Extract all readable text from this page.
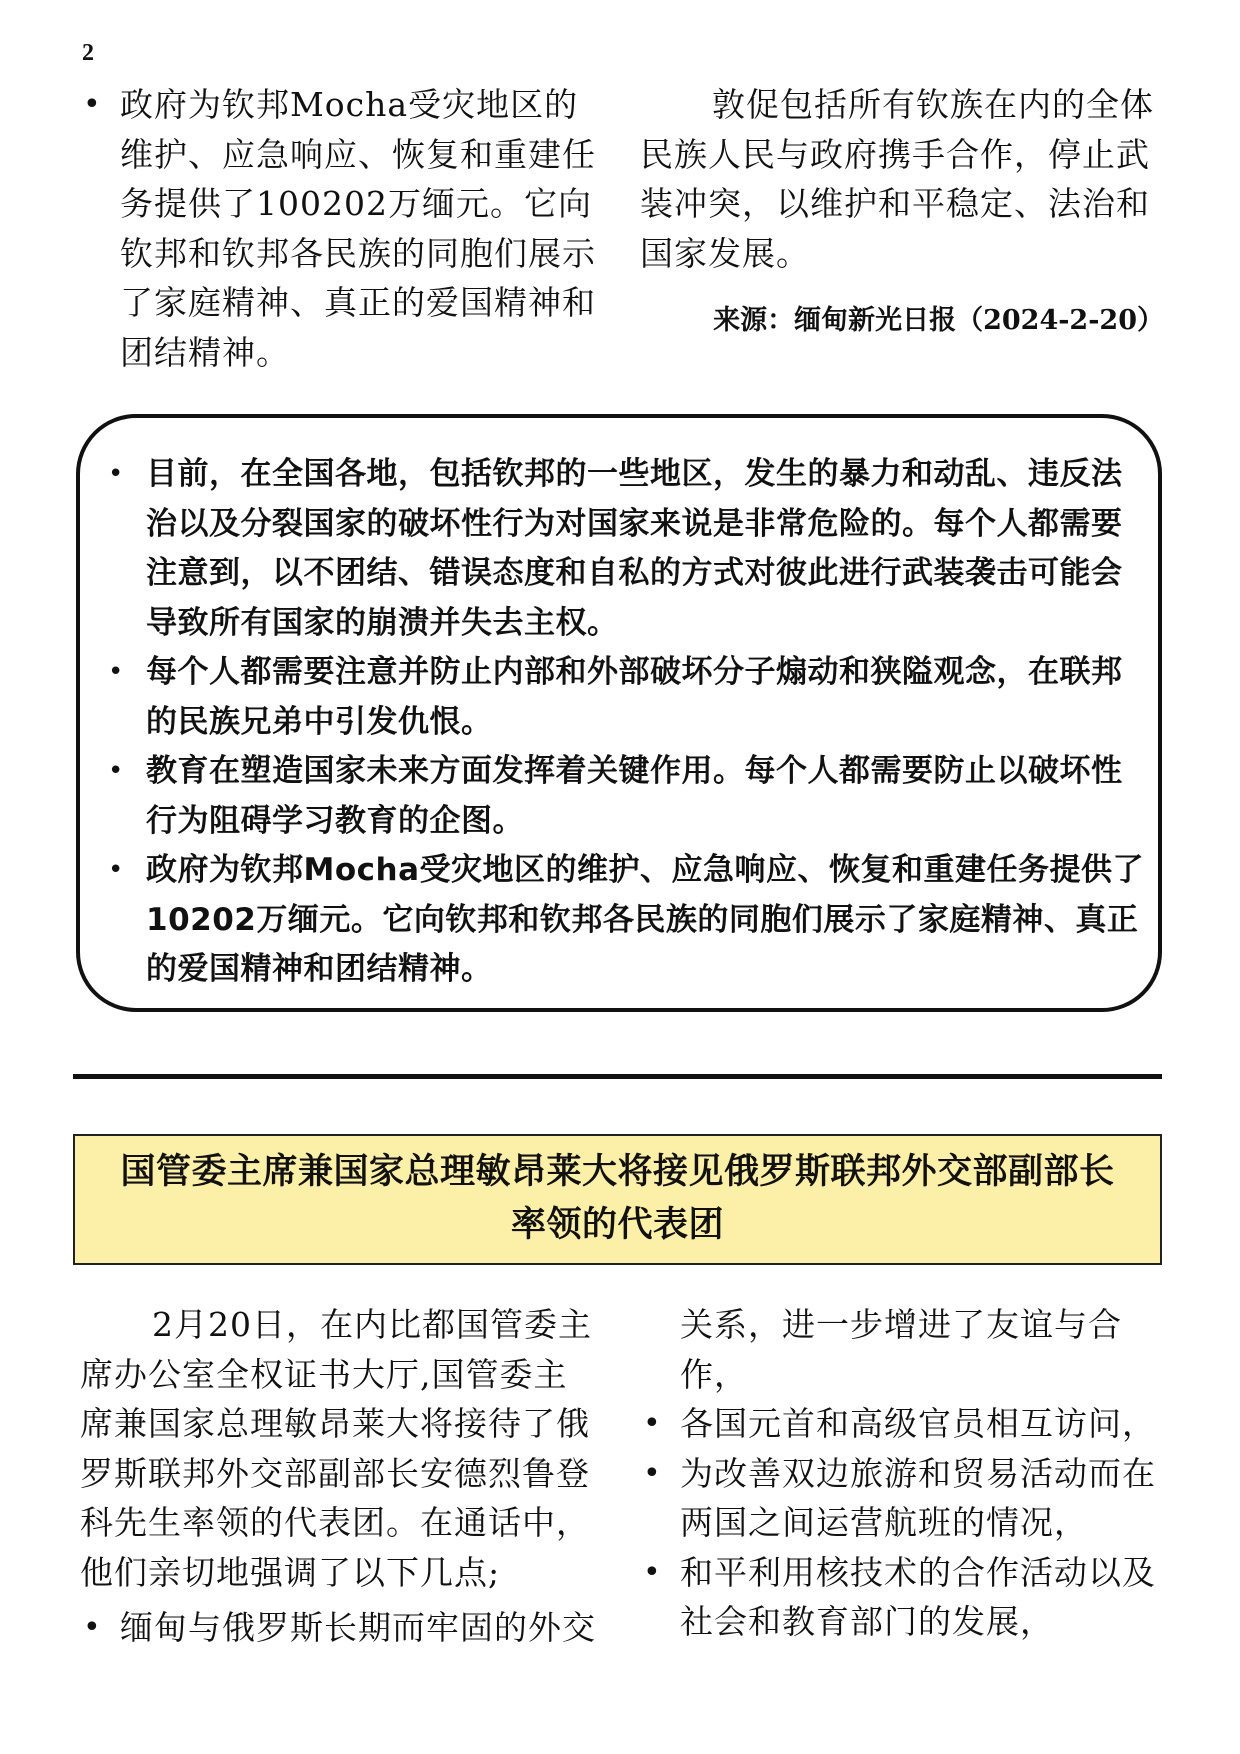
2

• 政府为钦邦Mocha受灾地区的维护、应急响应、恢复和重建任务提供了100202万缅元。它向钦邦和钦邦各民族的同胞们展示了家庭精神、真正的爱国精神和团结精神。

敦促包括所有钦族在内的全体民族人民与政府携手合作，停止武装冲突，以维护和平稳定、法治和国家发展。

来源：缅甸新光日报（2024-2-20）

• 目前，在全国各地，包括钦邦的一些地区，发生的暴力和动乱、违反法治以及分裂国家的破坏性行为对国家来说是非常危险的。每个人都需要注意到，以不团结、错误态度和自私的方式对彼此进行武装袭击可能会导致所有国家的崩溃并失去主权。

• 每个人都需要注意并防止内部和外部破坏分子煽动和狭隘观念，在联邦的民族兄弟中引发仇恨。

• 教育在塑造国家未来方面发挥着关键作用。每个人都需要防止以破坏性行为阻碍学习教育的企图。

• 政府为钦邦Mocha受灾地区的维护、应急响应、恢复和重建任务提供了10202万缅元。它向钦邦和钦邦各民族的同胞们展示了家庭精神、真正的爱国精神和团结精神。

国管委主席兼国家总理敏昂莱大将接见俄罗斯联邦外交部副部长
率领的代表团

2月20日，在内比都国管委主席办公室全权证书大厅,国管委主席兼国家总理敏昂莱大将接待了俄罗斯联邦外交部副部长安德烈鲁登科先生率领的代表团。在通话中，他们亲切地强调了以下几点;

• 缅甸与俄罗斯长期而牢固的外交

关系，进一步增进了友谊与合作，

• 各国元首和高级官员相互访问，

• 为改善双边旅游和贸易活动而在两国之间运营航班的情况，

• 和平利用核技术的合作活动以及社会和教育部门的发展，
